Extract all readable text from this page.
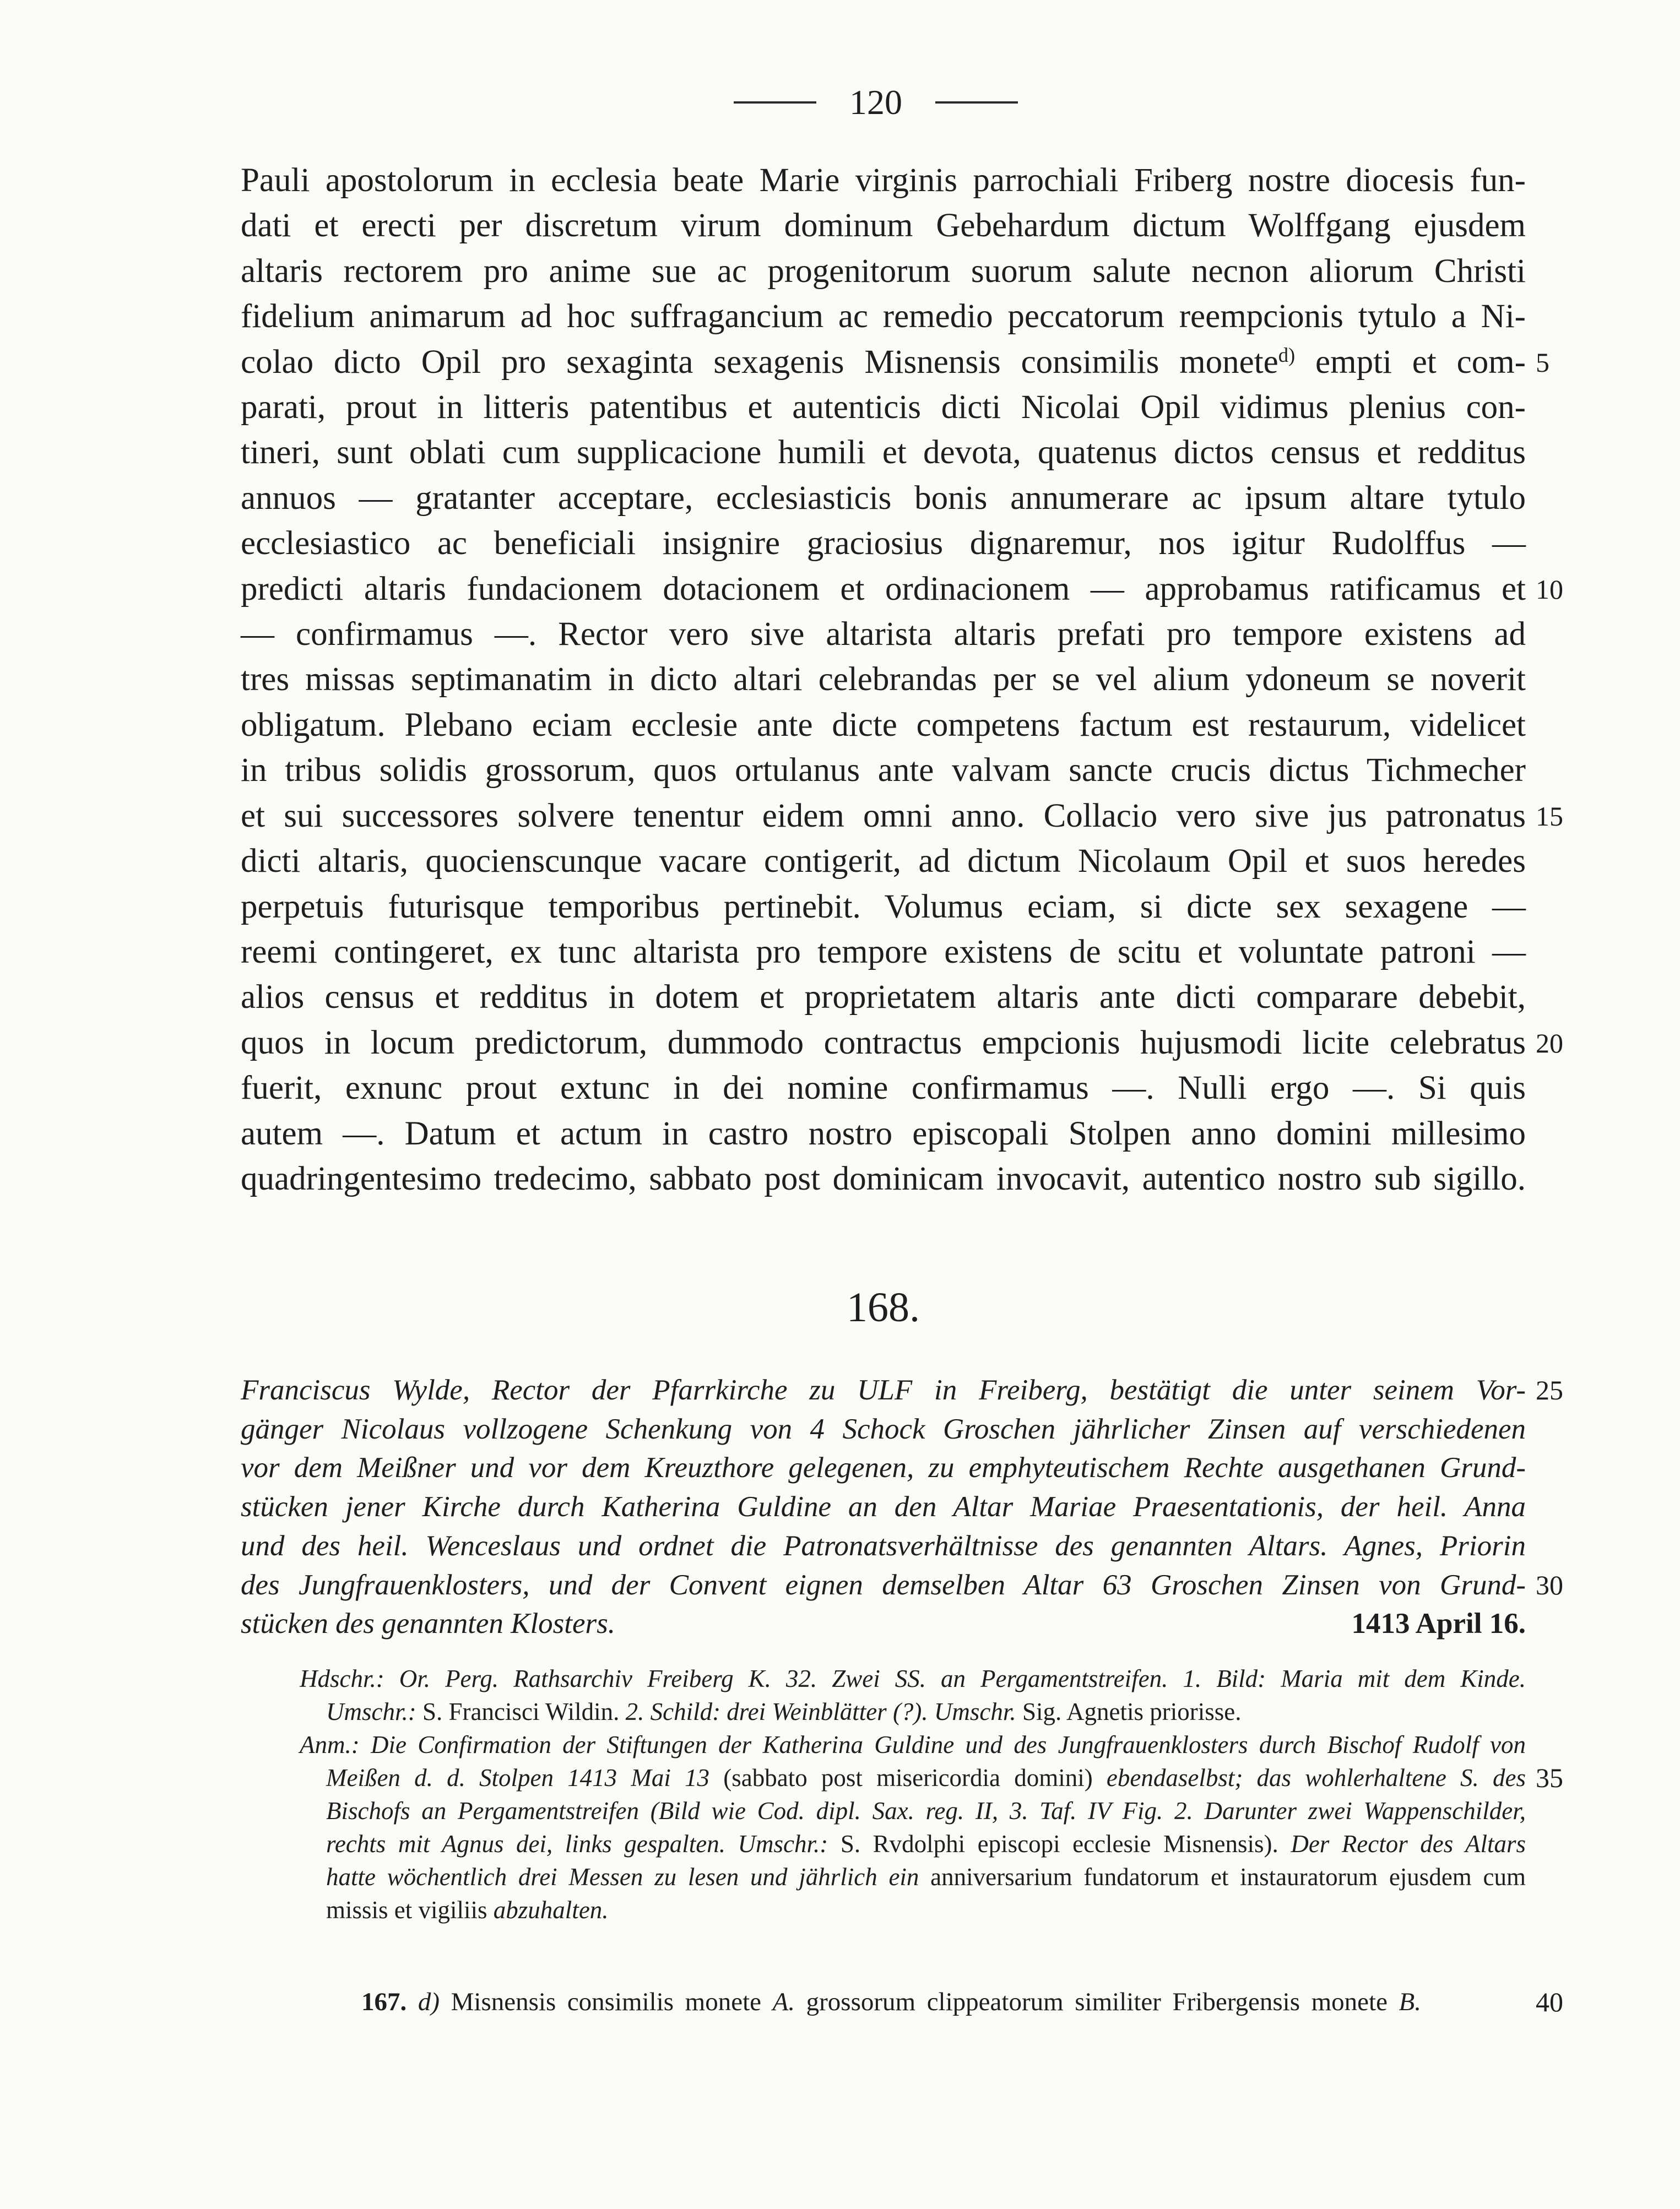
120
Pauli apostolorum in ecclesia beate Marie virginis parrochiali Friberg nostre diocesis fun-
dati et erecti per discretum virum dominum Gebehardum dictum Wolffgang ejusdem
altaris rectorem pro anime sue ac progenitorum suorum salute necnon aliorum Christi
fidelium animarum ad hoc suffragancium ac remedio peccatorum reempcionis tytulo a Ni-
colao dicto Opil pro sexaginta sexagenis Misnensis consimilis monete$^{d)}$ empti et com- 5
parati, prout in litteris patentibus et autenticis dicti Nicolai Opil vidimus plenius con-
tineri, sunt oblati cum supplicacione humili et devota, quatenus dictos census et redditus
annuos — gratanter acceptare, ecclesiasticis bonis annumerare ac ipsum altare tytulo
ecclesiastico ac beneficiali insignire graciosius dignaremur, nos igitur Rudolffus —
predicti altaris fundacionem dotacionem et ordinacionem — approbamus ratificamus et 10
— confirmamus —. Rector vero sive altarista altaris prefati pro tempore existens ad
tres missas septimanatim in dicto altari celebrandas per se vel alium ydoneum se noverit
obligatum. Plebano eciam ecclesie ante dicte competens factum est restaurum, videlicet
in tribus solidis grossorum, quos ortulanus ante valvam sancte crucis dictus Tichmecher
et sui successores solvere tenentur eidem omni anno. Collacio vero sive jus patronatus 15
dicti altaris, quocienscunque vacare contigerit, ad dictum Nicolaum Opil et suos heredes
perpetuis futurisque temporibus pertinebit. Volumus eciam, si dicte sex sexagene —
reemi contingeret, ex tunc altarista pro tempore existens de scitu et voluntate patroni —
alios census et redditus in dotem et proprietatem altaris ante dicti comparare debebit,
quos in locum predictorum, dummodo contractus empcionis hujusmodi licite celebratus 20
fuerit, exnunc prout extunc in dei nomine confirmamus —. Nulli ergo —. Si quis
autem —. Datum et actum in castro nostro episcopali Stolpen anno domini millesimo
quadringentesimo tredecimo, sabbato post dominicam invocavit, autentico nostro sub sigillo.
168.
Franciscus Wylde, Rector der Pfarrkirche zu ULF in Freiberg, bestätigt die unter seinem Vor- 25
gänger Nicolaus vollzogene Schenkung von 4 Schock Groschen jährlicher Zinsen auf verschiedenen
vor dem Meißner und vor dem Kreuzthore gelegenen, zu emphyteutischem Rechte ausgethanen Grund-
stücken jener Kirche durch Katherina Guldine an den Altar Mariae Praesentationis, der heil. Anna
und des heil. Wenceslaus und ordnet die Patronatsverhältnisse des genannten Altars. Agnes, Priorin
des Jungfrauenklosters, und der Convent eignen demselben Altar 63 Groschen Zinsen von Grund- 30
stücken des genannten Klosters.	1413 April 16.
Hdschr.: Or. Perg. Rathsarchiv Freiberg K. 32. Zwei SS. an Pergamentstreifen. 1. Bild: Maria mit dem Kinde.
Umschr.: S. Francisci Wildin. 2. Schild: drei Weinblätter (?). Umschr. Sig. Agnetis priorisse.
Anm.: Die Confirmation der Stiftungen der Katherina Guldine und des Jungfrauenklosters durch Bischof Rudolf von
Meißen d. d. Stolpen 1413 Mai 13 (sabbato post misericordia domini) ebendaselbst; das wohlerhaltene S. des 35
Bischofs an Pergamentstreifen (Bild wie Cod. dipl. Sax. reg. II, 3. Taf. IV Fig. 2. Darunter zwei Wappenschilder,
rechts mit Agnus dei, links gespalten. Umschr.: S. Rvdolphi episcopi ecclesie Misnensis). Der Rector des Altars
hatte wöchentlich drei Messen zu lesen und jährlich ein anniversarium fundatorum et instauratorum ejusdem cum
missis et vigiliis abzuhalten.
167. d) Misnensis consimilis monete A. grossorum clippeatorum similiter Fribergensis monete B.	40
